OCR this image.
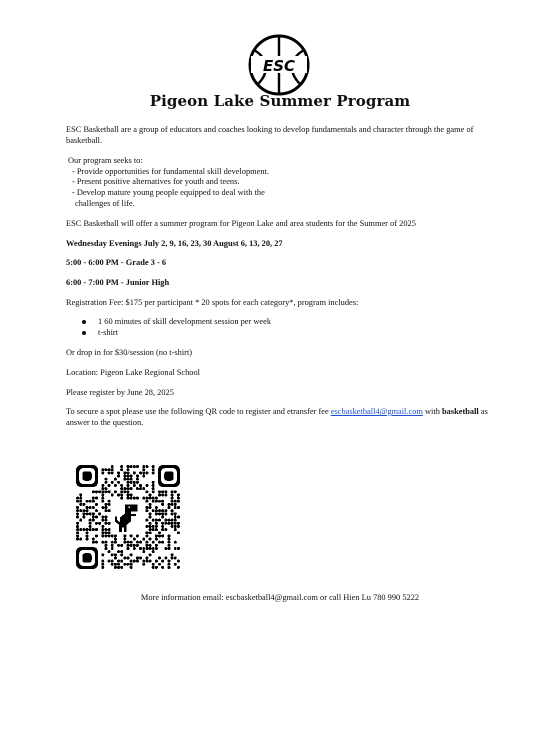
ESC
Pigeon Lake Summer Program

ESC Basketball are a group of educators and coaches looking to develop fundamentals and character through the game of basketball.

Our program seeks to:

- Provide opportunities for fundamental skill development.

- Present positive alternatives for youth and teens.

- Develop mature young people equipped to deal with the

challenges of life.

ESC Basketball will offer a summer program for Pigeon Lake and area students for the Summer of 2025

Wednesday Evenings July 2, 9, 16, 23, 30 August 6, 13, 20, 27

5:00 - 6:00 PM - Grade 3 - 6

6:00 - 7:00 PM - Junior High

Registration Fee: $175 per participant * 20 spots for each category*, program includes:

1 60 minutes of skill development session per week
t-shirt

Or drop in for $30/session (no t-shirt)

Location: Pigeon Lake Regional School

Please register by June 28, 2025

To secure a spot please use the following QR code to register and etransfer fee escbasketball4@gmail.com with basketball as answer to the question.

More information email: escbasketball4@gmail.com or call Hien Lu 780 990 5222
